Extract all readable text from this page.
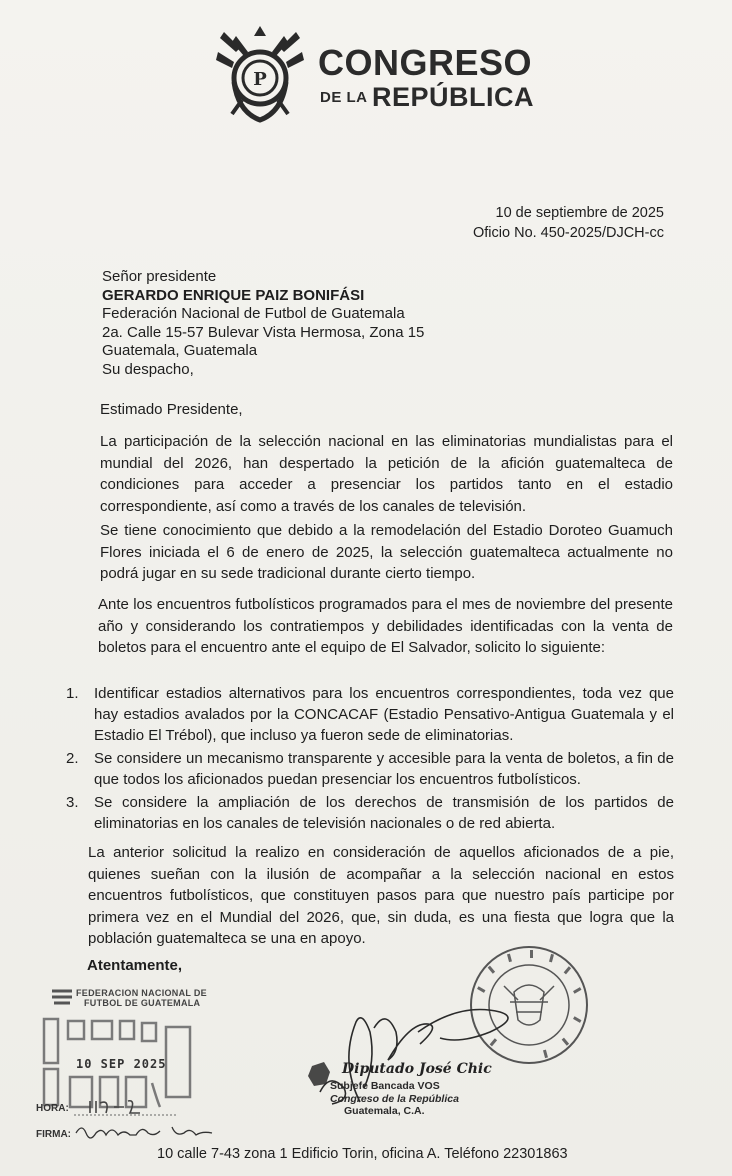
P CONGRESO
DE LA REPÚBLICA
10 de septiembre de 2025
Oficio No. 450-2025/DJCH-cc
Señor presidente
GERARDO ENRIQUE PAIZ BONIFÁSI
Federación Nacional de Futbol de Guatemala
2a. Calle 15-57 Bulevar Vista Hermosa, Zona 15
Guatemala, Guatemala
Su despacho,
Estimado Presidente,
La participación de la selección nacional en las eliminatorias mundialistas para el mundial del 2026, han despertado la petición de la afición guatemalteca de condiciones para acceder a presenciar los partidos tanto en el estadio correspondiente, así como a través de los canales de televisión.
Se tiene conocimiento que debido a la remodelación del Estadio Doroteo Guamuch Flores iniciada el 6 de enero de 2025, la selección guatemalteca actualmente no podrá jugar en su sede tradicional durante cierto tiempo.
Ante los encuentros futbolísticos programados para el mes de noviembre del presente año y considerando los contratiempos y debilidades identificadas con la venta de boletos para el encuentro ante el equipo de El Salvador, solicito lo siguiente:
1.	Identificar estadios alternativos para los encuentros correspondientes, toda vez que hay estadios avalados por la CONCACAF (Estadio Pensativo-Antigua Guatemala y el Estadio El Trébol), que incluso ya fueron sede de eliminatorias.
2.	Se considere un mecanismo transparente y accesible para la venta de boletos, a fin de que todos los aficionados puedan presenciar los encuentros futbolísticos.
3.	Se considere la ampliación de los derechos de transmisión de los partidos de eliminatorias en los canales de televisión nacionales o de red abierta.
La anterior solicitud la realizo en consideración de aquellos aficionados de a pie, quienes sueñan con la ilusión de acompañar a la selección nacional en estos encuentros futbolísticos, que constituyen pasos para que nuestro país participe por primera vez en el Mundial del 2026, que, sin duda, es una fiesta que logra que la población guatemalteca se una en apoyo.
Atentamente,
FEDERACION NACIONAL DE
FUTBOL DE GUATEMALA
10 SEP 2025
HORA:
FIRMA:
Diputado José Chic
Subjefe Bancada VOS
Congreso de la República
Guatemala, C.A.
10 calle 7-43 zona 1 Edificio Torin, oficina A. Teléfono 22301863
